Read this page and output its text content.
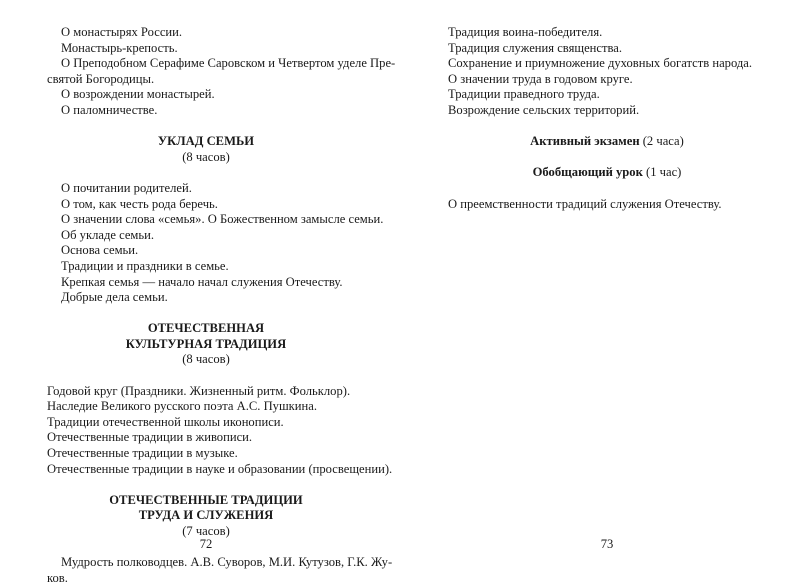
О монастырях России.
Монастырь-крепость.
О Преподобном Серафиме Саровском и Четвертом уделе Пре-
святой Богородицы.
О возрождении монастырей.
О паломничестве.
УКЛАД СЕМЬИ
(8 часов)
О почитании родителей.
О том, как честь рода беречь.
О значении слова «семья». О Божественном замысле семьи.
Об укладе семьи.
Основа семьи.
Традиции и праздники в семье.
Крепкая семья — начало начал служения Отечеству.
Добрые дела семьи.
ОТЕЧЕСТВЕННАЯ
КУЛЬТУРНАЯ ТРАДИЦИЯ
(8 часов)
Годовой круг (Праздники. Жизненный ритм. Фольклор).
Наследие Великого русского поэта А.С. Пушкина.
Традиции отечественной школы иконописи.
Отечественные традиции в живописи.
Отечественные традиции в музыке.
Отечественные традиции в науке и образовании (просвещении).
ОТЕЧЕСТВЕННЫЕ ТРАДИЦИИ
ТРУДА И СЛУЖЕНИЯ
(7 часов)
Мудрость полководцев. А.В. Суворов, М.И. Кутузов, Г.К. Жу-
ков.
72
Традиция воина-победителя.
Традиция служения священства.
Сохранение и приумножение духовных богатств народа.
О значении труда в годовом круге.
Традиции праведного труда.
Возрождение сельских территорий.
Активный экзамен (2 часа)
Обобщающий урок (1 час)
О преемственности традиций служения Отечеству.
73
